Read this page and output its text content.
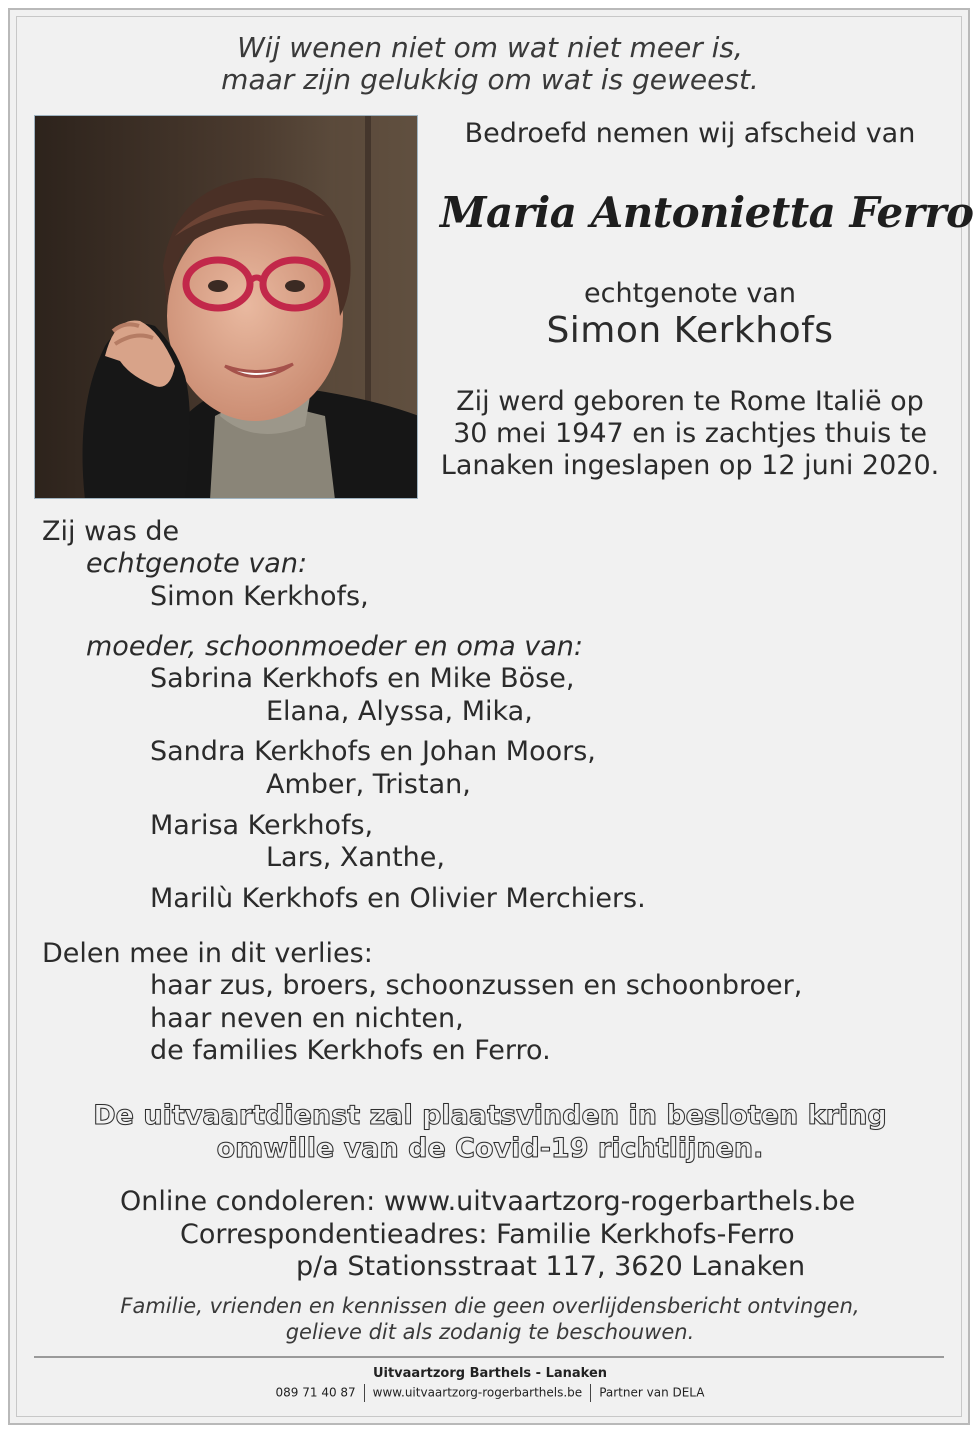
Wij wenen niet om wat niet meer is,
maar zijn gelukkig om wat is geweest.
Bedroefd nemen wij afscheid van
Maria Antonietta Ferro
echtgenote van
Simon Kerkhofs
Zij werd geboren te Rome Italië op
30 mei 1947 en is zachtjes thuis te
Lanaken ingeslapen op 12 juni 2020.
Zij was de
echtgenote van:
Simon Kerkhofs,
moeder, schoonmoeder en oma van:
Sabrina Kerkhofs en Mike Böse,
Elana, Alyssa, Mika,
Sandra Kerkhofs en Johan Moors,
Amber, Tristan,
Marisa Kerkhofs,
Lars, Xanthe,
Marilù Kerkhofs en Olivier Merchiers.
Delen mee in dit verlies:
haar zus, broers, schoonzussen en schoonbroer,
haar neven en nichten,
de families Kerkhofs en Ferro.
De uitvaartdienst zal plaatsvinden in besloten kring
omwille van de Covid-19 richtlijnen.
Online condoleren: www.uitvaartzorg-rogerbarthels.be
Correspondentieadres: Familie Kerkhofs-Ferro
p/a Stationsstraat 117, 3620 Lanaken
Familie, vrienden en kennissen die geen overlijdensbericht ontvingen,
gelieve dit als zodanig te beschouwen.
Uitvaartzorg Barthels - Lanaken
089 71 40 87 www.uitvaartzorg-rogerbarthels.be Partner van DELA
